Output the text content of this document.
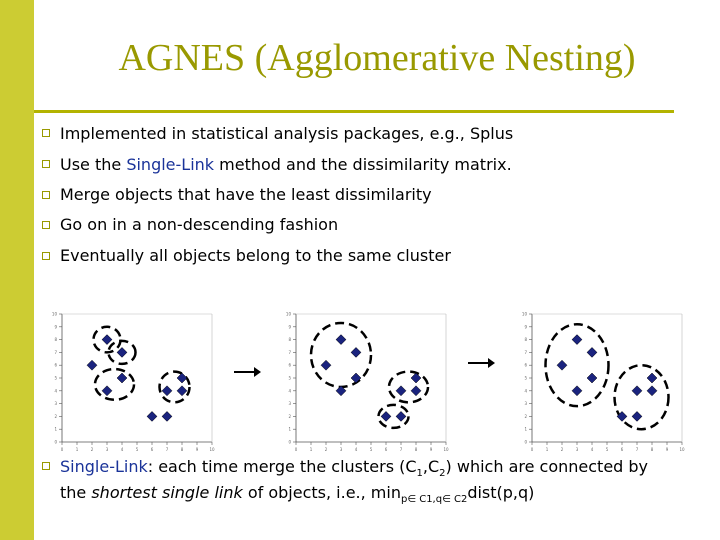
AGNES (Agglomerative Nesting)
Implemented in statistical analysis packages, e.g., Splus
Use the Single-Link method and the dissimilarity matrix.
Merge objects that have the least dissimilarity
Go on in a non-descending fashion
Eventually all objects belong to the same cluster
0	1	2	3	4	5	6	7	8	9	10
0
1
2
3
4
5
6
7
8
9
10
0	1	2	3	4	5	6	7	8	9	10
0
1
2
3
4
5
6
7
8
9
10
0	1	2	3	4	5	6	7	8	9	10
0
1
2
3
4
5
6
7
8
9
10
Single-Link: each time merge the clusters $(C_1,C_2)$ which are connected by the shortest single link of objects, i.e., $\min_{p\in C1,q\in C2}dist(p,q)$
